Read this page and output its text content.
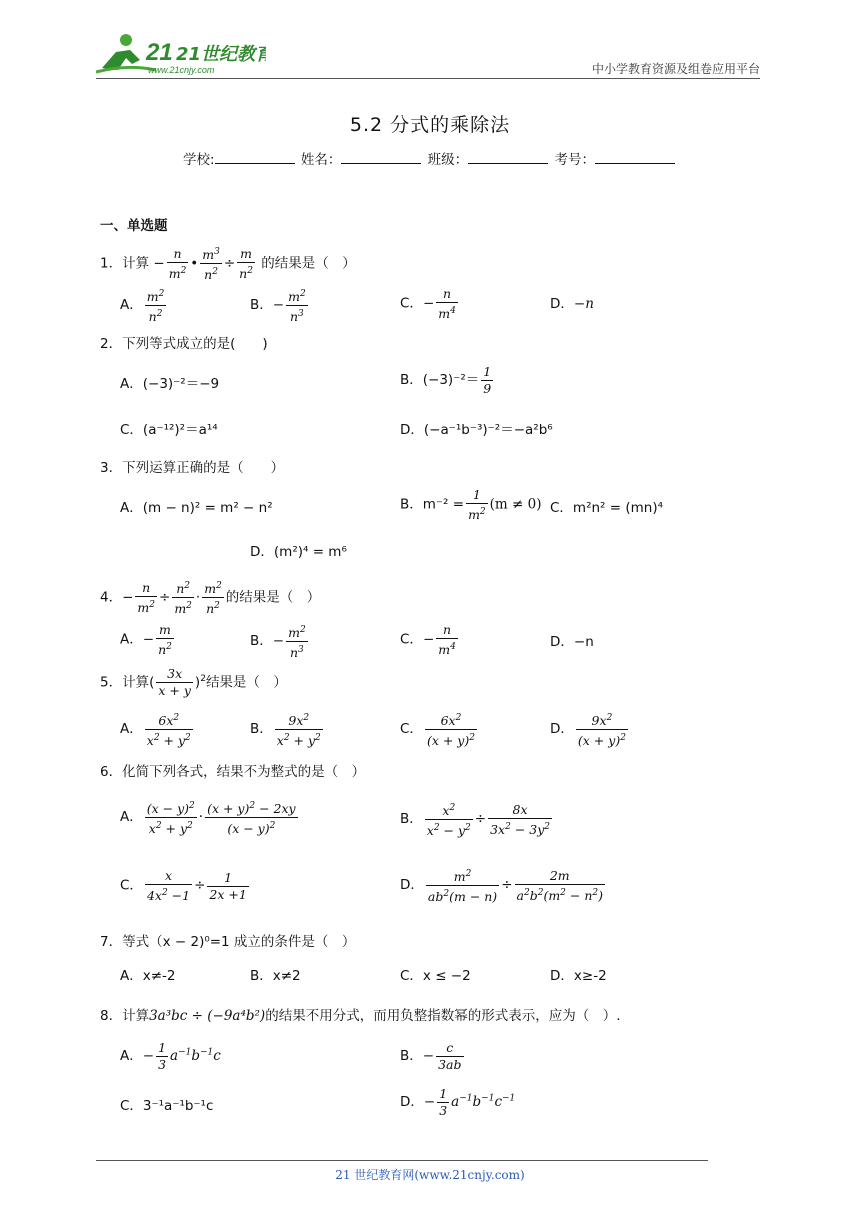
21 21世纪教育
www.21cnjy.com	中小学教育资源及组卷应用平台
5.2 分式的乘除法
学校:	姓名：	班级：	考号：
一、单选题
1．计算 − $\frac{n}{m^2}$ • $\frac{m^3}{n^2} \div \frac{m}{n^2}$ 的结果是（　）
A． $\frac{m^2}{n^2}$	B．− $\frac{m^2}{n^3}$	C．− $\frac{n}{m^4}$	D．−n
2．下列等式成立的是(　　)
A．(−3)⁻²＝−9	B．$(-3)^{-2}= \frac{1}{9}$
C．(a⁻¹²)²＝a¹⁴	D．(−a⁻¹b⁻³)⁻²＝−a²b⁶
3．下列运算正确的是（　　）
A．(m − n)² = m² − n²	B．$m^{-2} = \frac{1}{m^2} (m \ne 0)$ C．m²n² = (mn)⁴
D．(m²)⁴ = m⁶
4．− $\frac{n}{m^2} \div \frac{n^2}{m^2} \cdot \frac{m^2}{n^2}$ 的结果是（　）
A．− $\frac{m}{n^2}$	B．− $\frac{m^2}{n^3}$	C．− $\frac{n}{m^4}$	D．−n
5．计算( $\frac{3x}{x + y} )^2$结果是（　）
A． $\frac{6x^2}{x^2 + y^2}$	B． $\frac{9x^2}{x^2 + y^2}$	C． $\frac{6x^2}{(x + y)^2}$	D． $\frac{9x^2}{(x + y)^2}$
6．化简下列各式，结果不为整式的是（　）
A． $\frac{(x - y)^2}{x^2 + y^2} \cdot \frac{(x + y)^2 - 2xy}{(x - y)^2}$	B． $\frac{x^2}{x^2 - y^2} \div \frac{8x}{3x^2 - 3y^2}$
C． $\frac{x}{4x^2 -1} \div \frac{1}{2x +1}$	D． $\frac{m^2}{ab^2(m - n)} \div \frac{2m}{a^2b^2(m^2 - n^2)}$
7．等式（x − 2)⁰=1 成立的条件是（　）
A．x≠-2	B．x≠2	C．x ≤ −2	D．x≥-2
8．计算3a³bc ÷ (−9a⁴b²)的结果不用分式，而用负整指数幂的形式表示，应为（　）.
A．− $\frac{1}{3} a^{-1}b^{-1}c$	B．− $\frac{c}{3ab}$
C．3⁻¹a⁻¹b⁻¹c	D．− $\frac{1}{3} a^{-1}b^{-1}c^{-1}$
21 世纪教育网(www.21cnjy.com)
